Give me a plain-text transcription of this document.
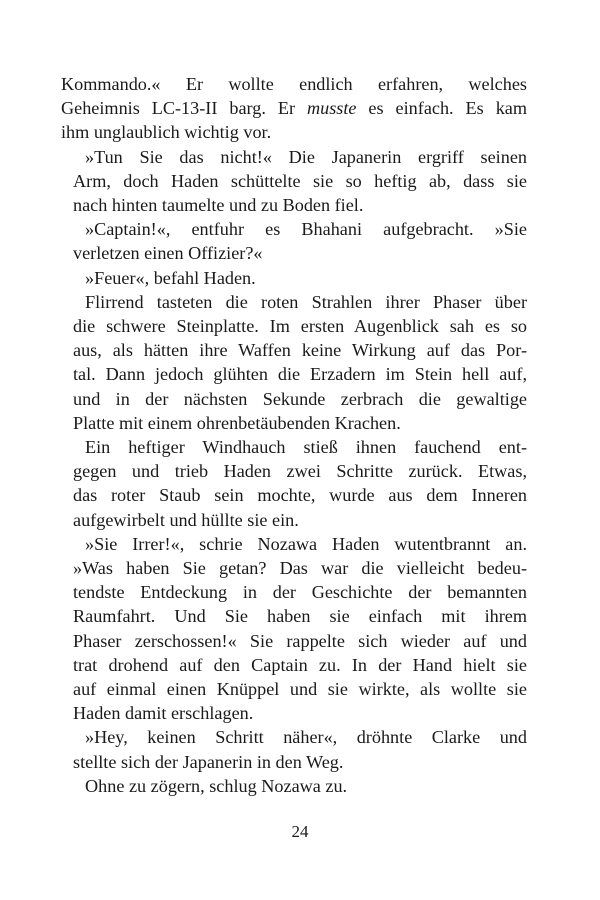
Kommando.« Er wollte endlich erfahren, welches
Geheimnis LC-13-II barg. Er musste es einfach. Es kam
ihm unglaublich wichtig vor.
»Tun Sie das nicht!« Die Japanerin ergriff seinen
Arm, doch Haden schüttelte sie so heftig ab, dass sie
nach hinten taumelte und zu Boden fiel.
»Captain!«, entfuhr es Bhahani aufgebracht. »Sie
verletzen einen Offizier?«
»Feuer«, befahl Haden.
Flirrend tasteten die roten Strahlen ihrer Phaser über
die schwere Steinplatte. Im ersten Augenblick sah es so
aus, als hätten ihre Waffen keine Wirkung auf das Por-
tal. Dann jedoch glühten die Erzadern im Stein hell auf,
und in der nächsten Sekunde zerbrach die gewaltige
Platte mit einem ohrenbetäubenden Krachen.
Ein heftiger Windhauch stieß ihnen fauchend ent-
gegen und trieb Haden zwei Schritte zurück. Etwas,
das roter Staub sein mochte, wurde aus dem Inneren
aufgewirbelt und hüllte sie ein.
»Sie Irrer!«, schrie Nozawa Haden wutentbrannt an.
»Was haben Sie getan? Das war die vielleicht bedeu-
tendste Entdeckung in der Geschichte der bemannten
Raumfahrt. Und Sie haben sie einfach mit ihrem
Phaser zerschossen!« Sie rappelte sich wieder auf und
trat drohend auf den Captain zu. In der Hand hielt sie
auf einmal einen Knüppel und sie wirkte, als wollte sie
Haden damit erschlagen.
»Hey, keinen Schritt näher«, dröhnte Clarke und
stellte sich der Japanerin in den Weg.
Ohne zu zögern, schlug Nozawa zu.
24
